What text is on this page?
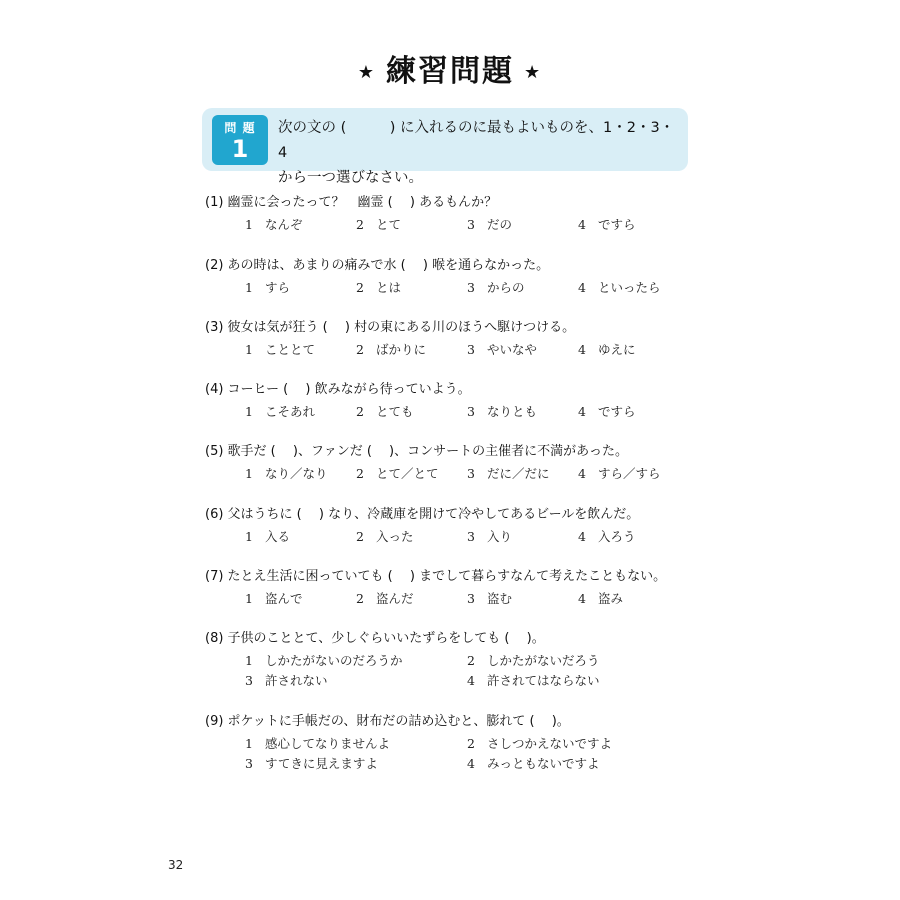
★ 練習問題 ★
問 題
1
次の文の (　　　) に入れるのに最もよいものを、1・2・3・4
から一つ選びなさい。
(1) 幽霊に会ったって？　幽霊 (　 ) あるもんか？
1 なんぞ	2 とて	3 だの	4 ですら
(2) あの時は、あまりの痛みで水 (　 ) 喉を通らなかった。
1 すら	2 とは	3 からの	4 といったら
(3) 彼女は気が狂う (　 ) 村の東にある川のほうへ駆けつける。
1 こととて	2 ばかりに	3 やいなや	4 ゆえに
(4) コーヒー (　 ) 飲みながら待っていよう。
1 こそあれ	2 とても	3 なりとも	4 ですら
(5) 歌手だ (　 )、ファンだ (　 )、コンサートの主催者に不満があった。
1 なり／なり 2 とて／とて 3 だに／だに 4 すら／すら
(6) 父はうちに (　 ) なり、冷蔵庫を開けて冷やしてあるビールを飲んだ。
1 入る	2 入った	3 入り	4 入ろう
(7) たとえ生活に困っていても (　 ) までして暮らすなんて考えたこともない。
1 盗んで	2 盗んだ	3 盗む	4 盗み
(8) 子供のこととて、少しぐらいいたずらをしても (　 )。
1 しかたがないのだろうか	2 しかたがないだろう
3 許されない	4 許されてはならない
(9) ポケットに手帳だの、財布だの詰め込むと、膨れて (　 )。
1 感心してなりませんよ	2 さしつかえないですよ
3 すてきに見えますよ	4 みっともないですよ
32
